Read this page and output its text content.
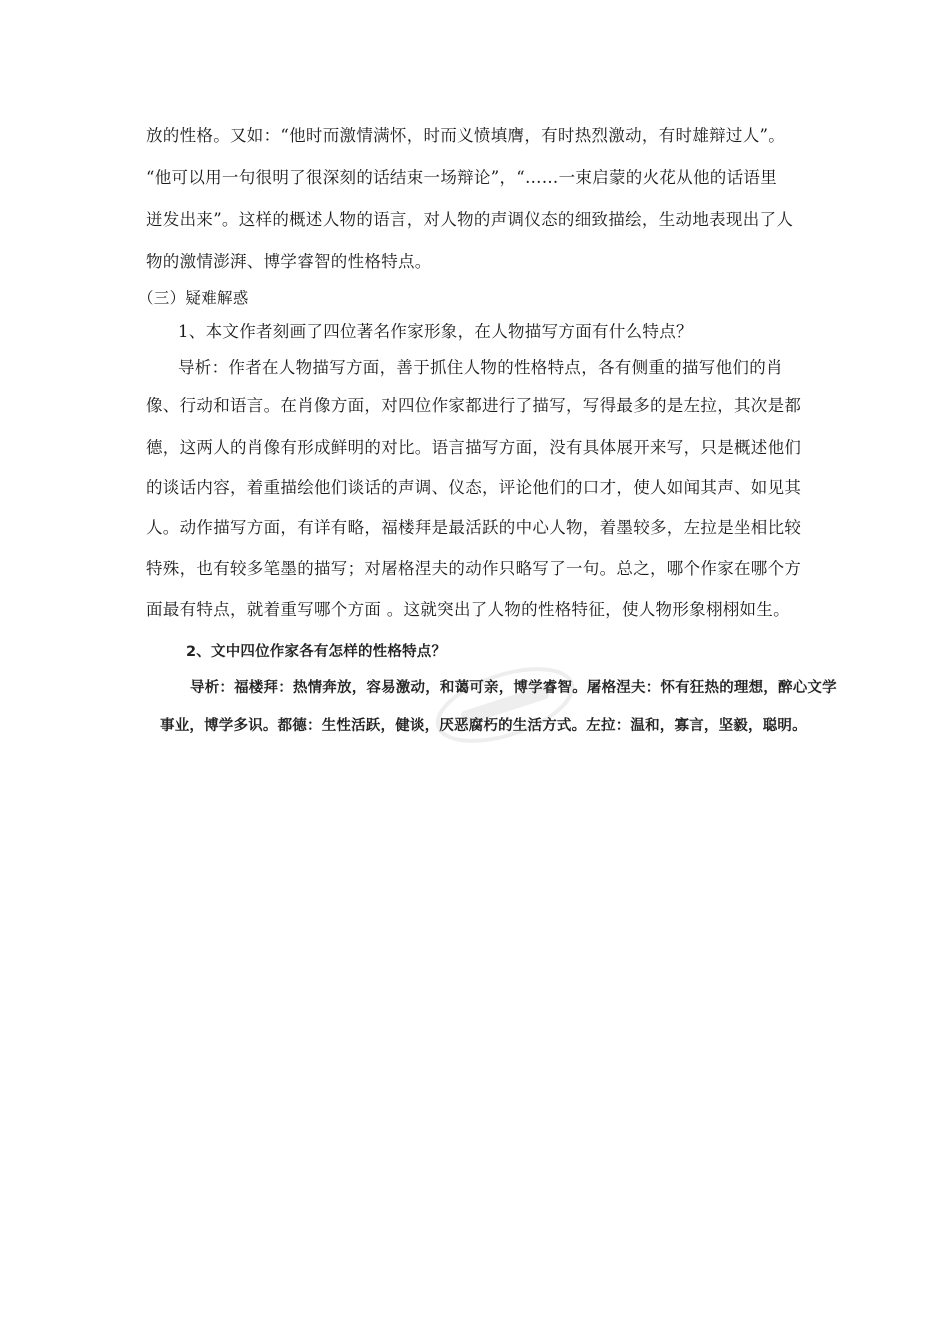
放的性格。又如：“他时而激情满怀，时而义愤填膺，有时热烈激动，有时雄辩过人”。
“他可以用一句很明了很深刻的话结束一场辩论”，“……一束启蒙的火花从他的话语里
迸发出来”。这样的概述人物的语言，对人物的声调仪态的细致描绘，生动地表现出了人
物的激情澎湃、博学睿智的性格特点。
（三）疑难解惑
1、本文作者刻画了四位著名作家形象，在人物描写方面有什么特点？
导析：作者在人物描写方面，善于抓住人物的性格特点，各有侧重的描写他们的肖
像、行动和语言。在肖像方面，对四位作家都进行了描写，写得最多的是左拉，其次是都
德，这两人的肖像有形成鲜明的对比。语言描写方面，没有具体展开来写，只是概述他们
的谈话内容，着重描绘他们谈话的声调、仪态，评论他们的口才，使人如闻其声、如见其
人。动作描写方面，有详有略，福楼拜是最活跃的中心人物，着墨较多，左拉是坐相比较
特殊，也有较多笔墨的描写；对屠格涅夫的动作只略写了一句。总之，哪个作家在哪个方
面最有特点，就着重写哪个方面 。这就突出了人物的性格特征，使人物形象栩栩如生。
2、文中四位作家各有怎样的性格特点？
导析：福楼拜：热情奔放，容易激动，和蔼可亲，博学睿智。屠格涅夫：怀有狂热的理想，醉心文学
事业，博学多识。都德：生性活跃，健谈，厌恶腐朽的生活方式。左拉：温和，寡言，坚毅，聪明。
